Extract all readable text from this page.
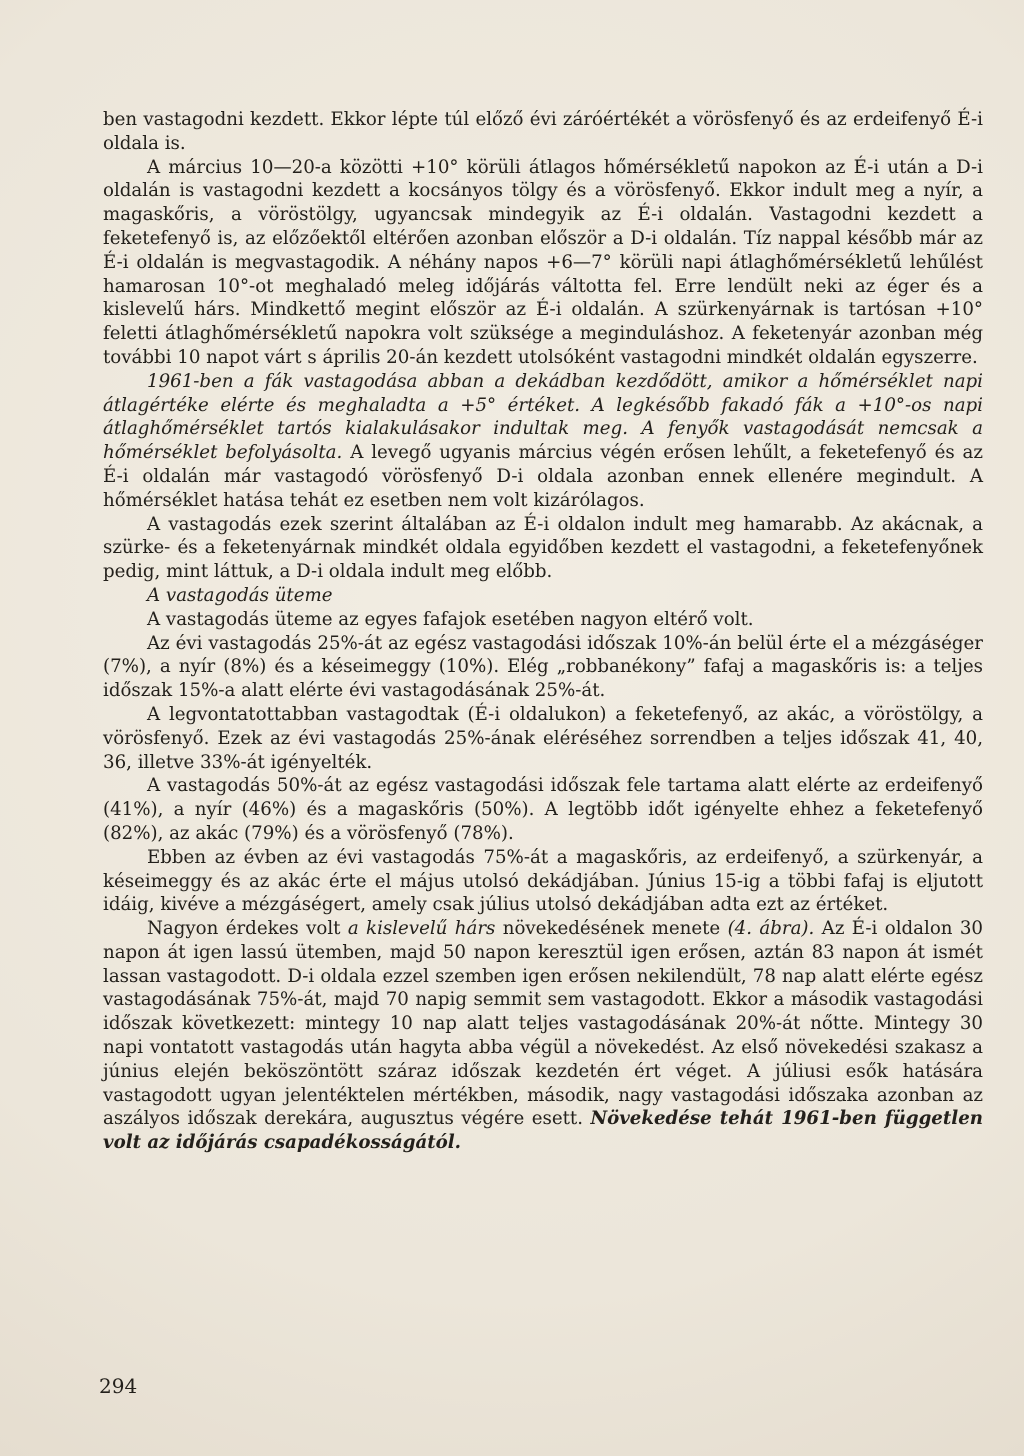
ben vastagodni kezdett. Ekkor lépte túl előző évi záróértékét a vörösfenyő és az erdeifenyő É-i oldala is.

A március 10—20-a közötti +10° körüli átlagos hőmérsékletű napokon az É-i után a D-i oldalán is vastagodni kezdett a kocsányos tölgy és a vörösfenyő. Ekkor indult meg a nyír, a magaskőris, a vöröstölgy, ugyancsak mindegyik az É-i oldalán. Vastagodni kezdett a feketefenyő is, az előzőektől eltérően azonban először a D-i oldalán. Tíz nappal később már az É-i oldalán is megvastagodik. A néhány napos +6—7° körüli napi átlaghőmérsékletű lehűlést hamarosan 10°-ot meghaladó meleg időjárás váltotta fel. Erre lendült neki az éger és a kislevelű hárs. Mindkettő megint először az É-i oldalán. A szürkenyárnak is tartósan +10° feletti átlaghőmérsékletű napokra volt szüksége a meginduláshoz. A feketenyár azonban még további 10 napot várt s április 20-án kezdett utolsóként vastagodni mindkét oldalán egyszerre.

1961-ben a fák vastagodása abban a dekádban kezdődött, amikor a hőmérséklet napi átlagértéke elérte és meghaladta a +5° értéket. A legkésőbb fakadó fák a +10°-os napi átlaghőmérséklet tartós kialakulásakor indultak meg. A fenyők vastagodását nemcsak a hőmérséklet befolyásolta. A levegő ugyanis március végén erősen lehűlt, a feketefenyő és az É-i oldalán már vastagodó vörösfenyő D-i oldala azonban ennek ellenére megindult. A hőmérséklet hatása tehát ez esetben nem volt kizárólagos.

A vastagodás ezek szerint általában az É-i oldalon indult meg hamarabb. Az akácnak, a szürke- és a feketenyárnak mindkét oldala egyidőben kezdett el vastagodni, a feketefenyőnek pedig, mint láttuk, a D-i oldala indult meg előbb.

A vastagodás üteme

A vastagodás üteme az egyes fafajok esetében nagyon eltérő volt.

Az évi vastagodás 25%-át az egész vastagodási időszak 10%-án belül érte el a mézgáséger (7%), a nyír (8%) és a késeimeggy (10%). Elég „robbanékony” fafaj a magaskőris is: a teljes időszak 15%-a alatt elérte évi vastagodásának 25%-át.

A legvontatottabban vastagodtak (É-i oldalukon) a feketefenyő, az akác, a vöröstölgy, a vörösfenyő. Ezek az évi vastagodás 25%-ának eléréséhez sorrendben a teljes időszak 41, 40, 36, illetve 33%-át igényelték.

A vastagodás 50%-át az egész vastagodási időszak fele tartama alatt elérte az erdeifenyő (41%), a nyír (46%) és a magaskőris (50%). A legtöbb időt igényelte ehhez a feketefenyő (82%), az akác (79%) és a vörösfenyő (78%).

Ebben az évben az évi vastagodás 75%-át a magaskőris, az erdeifenyő, a szürkenyár, a késeimeggy és az akác érte el május utolsó dekádjában. Június 15-ig a többi fafaj is eljutott idáig, kivéve a mézgáségert, amely csak július utolsó dekádjában adta ezt az értéket.

Nagyon érdekes volt a kislevelű hárs növekedésének menete (4. ábra). Az É-i oldalon 30 napon át igen lassú ütemben, majd 50 napon keresztül igen erősen, aztán 83 napon át ismét lassan vastagodott. D-i oldala ezzel szemben igen erősen nekilendült, 78 nap alatt elérte egész vastagodásának 75%-át, majd 70 napig semmit sem vastagodott. Ekkor a második vastagodási időszak következett: mintegy 10 nap alatt teljes vastagodásának 20%-át nőtte. Mintegy 30 napi vontatott vastagodás után hagyta abba végül a növekedést. Az első növekedési szakasz a június elején beköszöntött száraz időszak kezdetén ért véget. A júliusi esők hatására vastagodott ugyan jelentéktelen mértékben, második, nagy vastagodási időszaka azonban az aszályos időszak derekára, augusztus végére esett. Növekedése tehát 1961-ben független volt az időjárás csapadékosságától.

294
